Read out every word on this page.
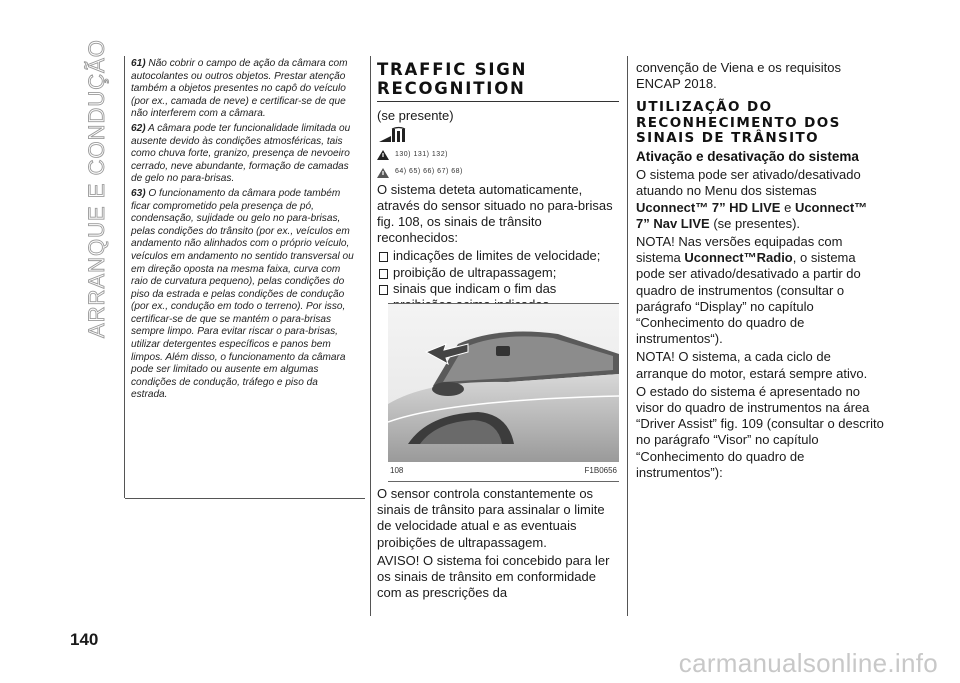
ARRANQUE E CONDUÇÃO 61) Não cobrir o campo de ação da câmara com autocolantes ou outros objetos. Prestar atenção também a objetos presentes no capô do veículo (por ex., camada de neve) e certificar-se de que não interferem com a câmara.

62) A câmara pode ter funcionalidade limitada ou ausente devido às condições atmosféricas, tais como chuva forte, granizo, presença de nevoeiro cerrado, neve abundante, formação de camadas de gelo no para-brisas.

63) O funcionamento da câmara pode também ficar comprometido pela presença de pó, condensação, sujidade ou gelo no para-brisas, pelas condições do trânsito (por ex., veículos em andamento não alinhados com o próprio veículo, veículos em andamento no sentido transversal ou em direção oposta na mesma faixa, curva com raio de curvatura pequeno), pelas condições do piso da estrada e pelas condições de condução (por ex., condução em todo o terreno). Por isso, certificar-se de que se mantém o para-brisas sempre limpo. Para evitar riscar o para-brisas, utilizar detergentes específicos e panos bem limpos. Além disso, o funcionamento da câmara pode ser limitado ou ausente em algumas condições de condução, tráfego e piso da estrada.

TRAFFIC SIGN
RECOGNITION

(se presente)

130) 131) 132)
64) 65) 66) 67) 68)

O sistema deteta automaticamente, através do sensor situado no para-brisas fig. 108, os sinais de trânsito reconhecidos:

indicações de limites de velocidade;
proibição de ultrapassagem;
sinais que indicam o fim das
108	F1B0656

O sensor controla constantemente os sinais de trânsito para assinalar o limite de velocidade atual e as eventuais proibições de ultrapassagem.

AVISO! O sistema foi concebido para ler os sinais de trânsito em conformidade com as prescrições da

convenção de Viena e os requisitos ENCAP 2018.

UTILIZAÇÃO DO
RECONHECIMENTO DOS
SINAIS DE TRÂNSITO
Ativação e desativação do sistema

O sistema pode ser ativado/desativado atuando no Menu dos sistemas Uconnect™ 7” HD LIVE e Uconnect™ 7” Nav LIVE (se presentes).

NOTA! Nas versões equipadas com sistema Uconnect™Radio, o sistema pode ser ativado/desativado a partir do quadro de instrumentos (consultar o parágrafo “Display” no capítulo “Conhecimento do quadro de instrumentos“).

NOTA! O sistema, a cada ciclo de arranque do motor, estará sempre ativo.

O estado do sistema é apresentado no visor do quadro de instrumentos na área “Driver Assist” fig. 109 (consultar o descrito no parágrafo “Visor” no capítulo “Conhecimento do quadro de instrumentos”):

140
carmanualsonline.info
